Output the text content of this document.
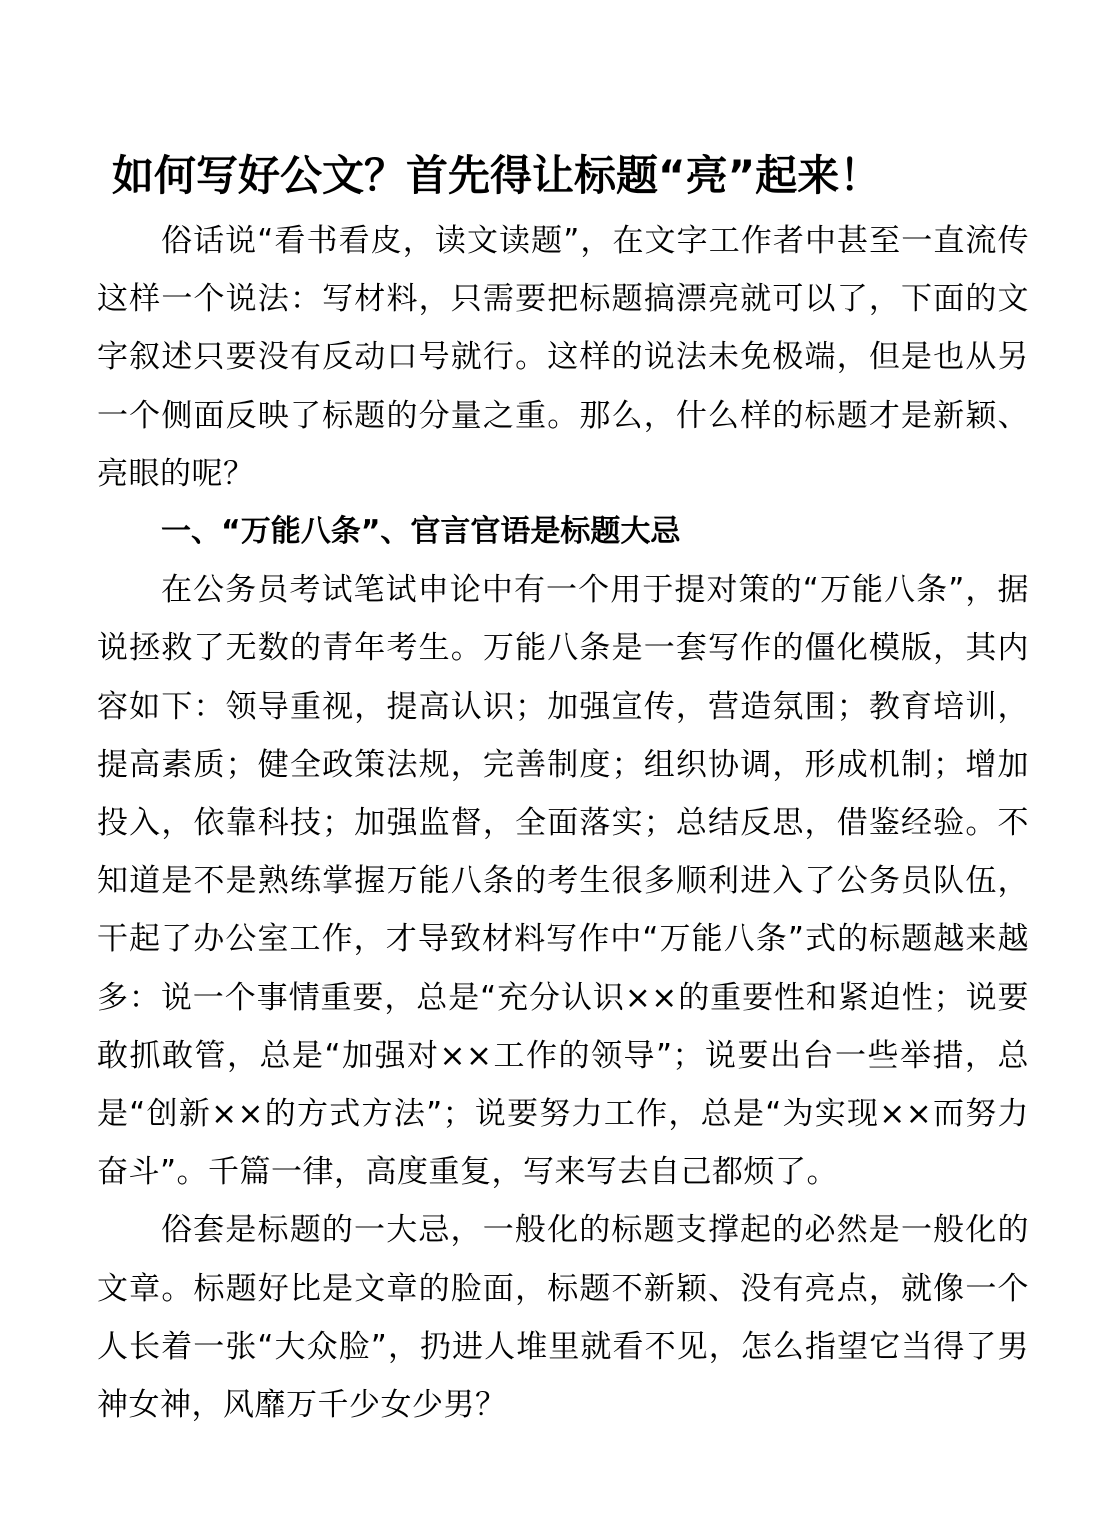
如何写好公文？首先得让标题“亮”起来！

俗话说“看书看皮，读文读题”，在文字工作者中甚至一直流传这样一个说法：写材料，只需要把标题搞漂亮就可以了，下面的文字叙述只要没有反动口号就行。这样的说法未免极端，但是也从另一个侧面反映了标题的分量之重。那么，什么样的标题才是新颖、亮眼的呢？

一、“万能八条”、官言官语是标题大忌

在公务员考试笔试申论中有一个用于提对策的“万能八条”，据说拯救了无数的青年考生。万能八条是一套写作的僵化模版，其内容如下：领导重视，提高认识；加强宣传，营造氛围；教育培训，提高素质；健全政策法规，完善制度；组织协调，形成机制；增加投入，依靠科技；加强监督，全面落实；总结反思，借鉴经验。不知道是不是熟练掌握万能八条的考生很多顺利进入了公务员队伍，干起了办公室工作，才导致材料写作中“万能八条”式的标题越来越多：说一个事情重要，总是“充分认识××的重要性和紧迫性；说要敢抓敢管，总是“加强对××工作的领导”；说要出台一些举措，总是“创新××的方式方法”；说要努力工作，总是“为实现××而努力奋斗”。千篇一律，高度重复，写来写去自己都烦了。

俗套是标题的一大忌，一般化的标题支撑起的必然是一般化的文章。标题好比是文章的脸面，标题不新颖、没有亮点，就像一个人长着一张“大众脸”，扔进人堆里就看不见，怎么指望它当得了男神女神，风靡万千少女少男？
